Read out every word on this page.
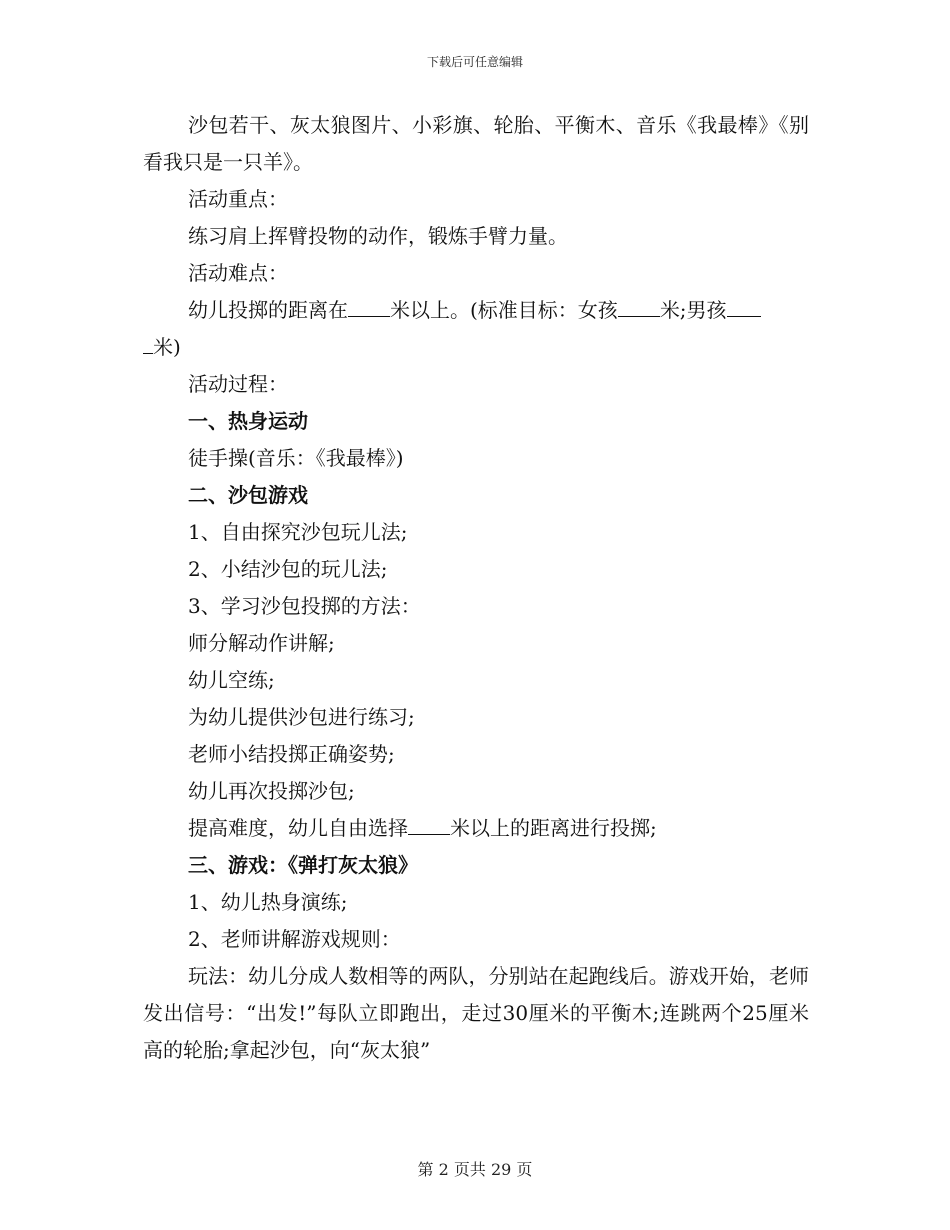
下载后可任意编辑

沙包若干、灰太狼图片、小彩旗、轮胎、平衡木、音乐《我最棒》《别看我只是一只羊》。

活动重点：

练习肩上挥臂投物的动作，锻炼手臂力量。

活动难点：

幼儿投掷的距离在 米以上。(标准目标：女孩 米;男孩
米)

活动过程：

一、热身运动

徒手操(音乐：《我最棒》)

二、沙包游戏

1、自由探究沙包玩儿法;

2、小结沙包的玩儿法;

3、学习沙包投掷的方法：

师分解动作讲解;

幼儿空练;

为幼儿提供沙包进行练习;

老师小结投掷正确姿势;

幼儿再次投掷沙包;

提高难度，幼儿自由选择 米以上的距离进行投掷;

三、游戏：《弹打灰太狼》

1、幼儿热身演练;

2、老师讲解游戏规则：

玩法：幼儿分成人数相等的两队，分别站在起跑线后。游戏开始，老师发出信号：“出发!”每队立即跑出，走过30厘米的平衡木;连跳两个25厘米高的轮胎;拿起沙包，向“灰太狼”

第 2 页共 29 页
